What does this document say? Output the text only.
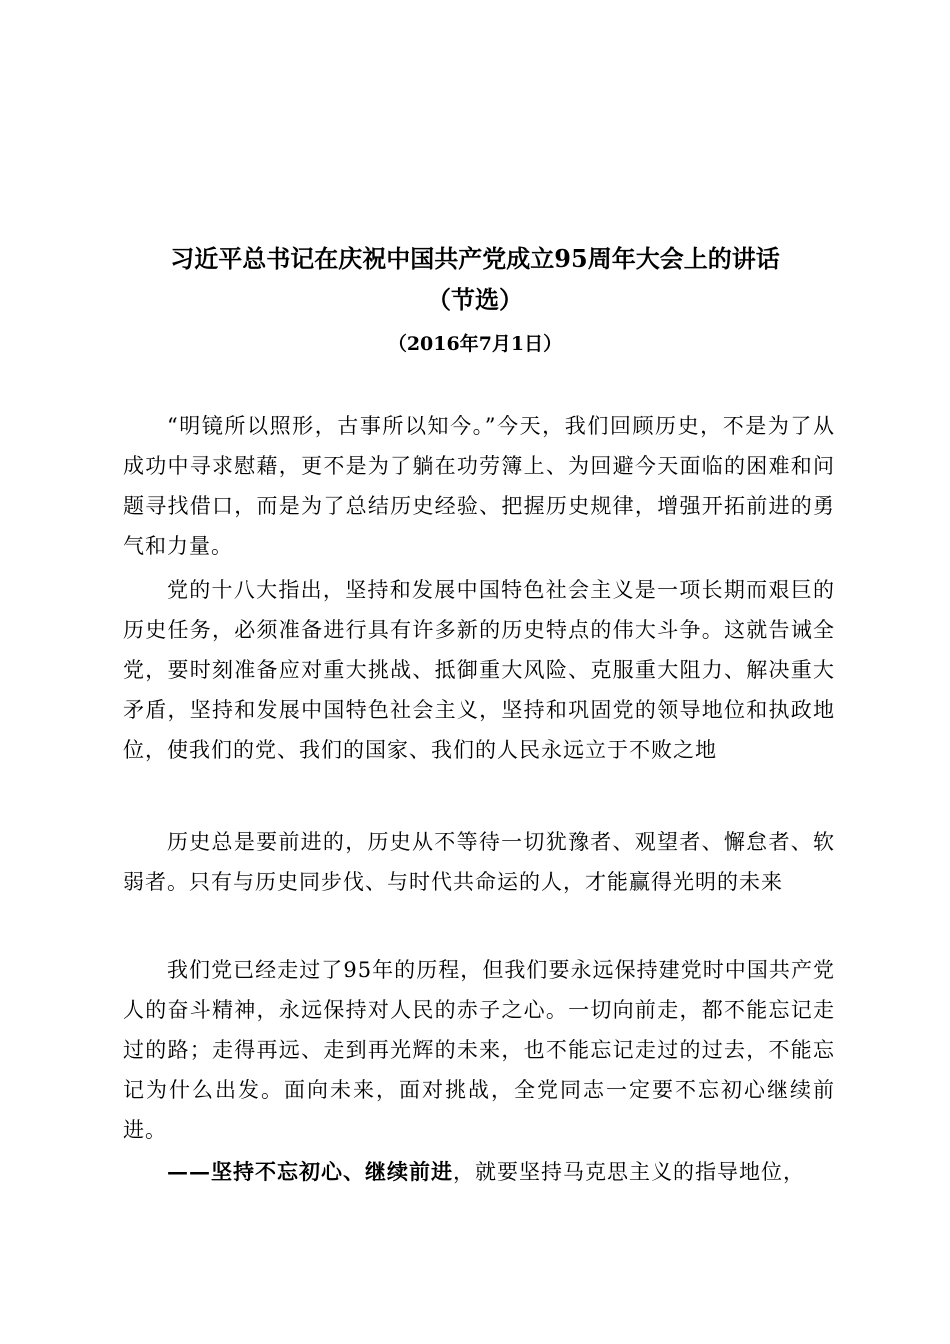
习近平总书记在庆祝中国共产党成立95周年大会上的讲话
（节选）
（2016年7月1日）

“明镜所以照形，古事所以知今。”今天，我们回顾历史，不是为了从成功中寻求慰藉，更不是为了躺在功劳簿上、为回避今天面临的困难和问题寻找借口，而是为了总结历史经验、把握历史规律，增强开拓前进的勇气和力量。

党的十八大指出，坚持和发展中国特色社会主义是一项长期而艰巨的历史任务，必须准备进行具有许多新的历史特点的伟大斗争。这就告诫全党，要时刻准备应对重大挑战、抵御重大风险、克服重大阻力、解决重大矛盾，坚持和发展中国特色社会主义，坚持和巩固党的领导地位和执政地位，使我们的党、我们的国家、我们的人民永远立于不败之地

历史总是要前进的，历史从不等待一切犹豫者、观望者、懈怠者、软弱者。只有与历史同步伐、与时代共命运的人，才能赢得光明的未来

我们党已经走过了95年的历程，但我们要永远保持建党时中国共产党人的奋斗精神，永远保持对人民的赤子之心。一切向前走，都不能忘记走过的路；走得再远、走到再光辉的未来，也不能忘记走过的过去，不能忘记为什么出发。面向未来，面对挑战，全党同志一定要不忘初心继续前进。

——坚持不忘初心、继续前进，就要坚持马克思主义的指导地位，
